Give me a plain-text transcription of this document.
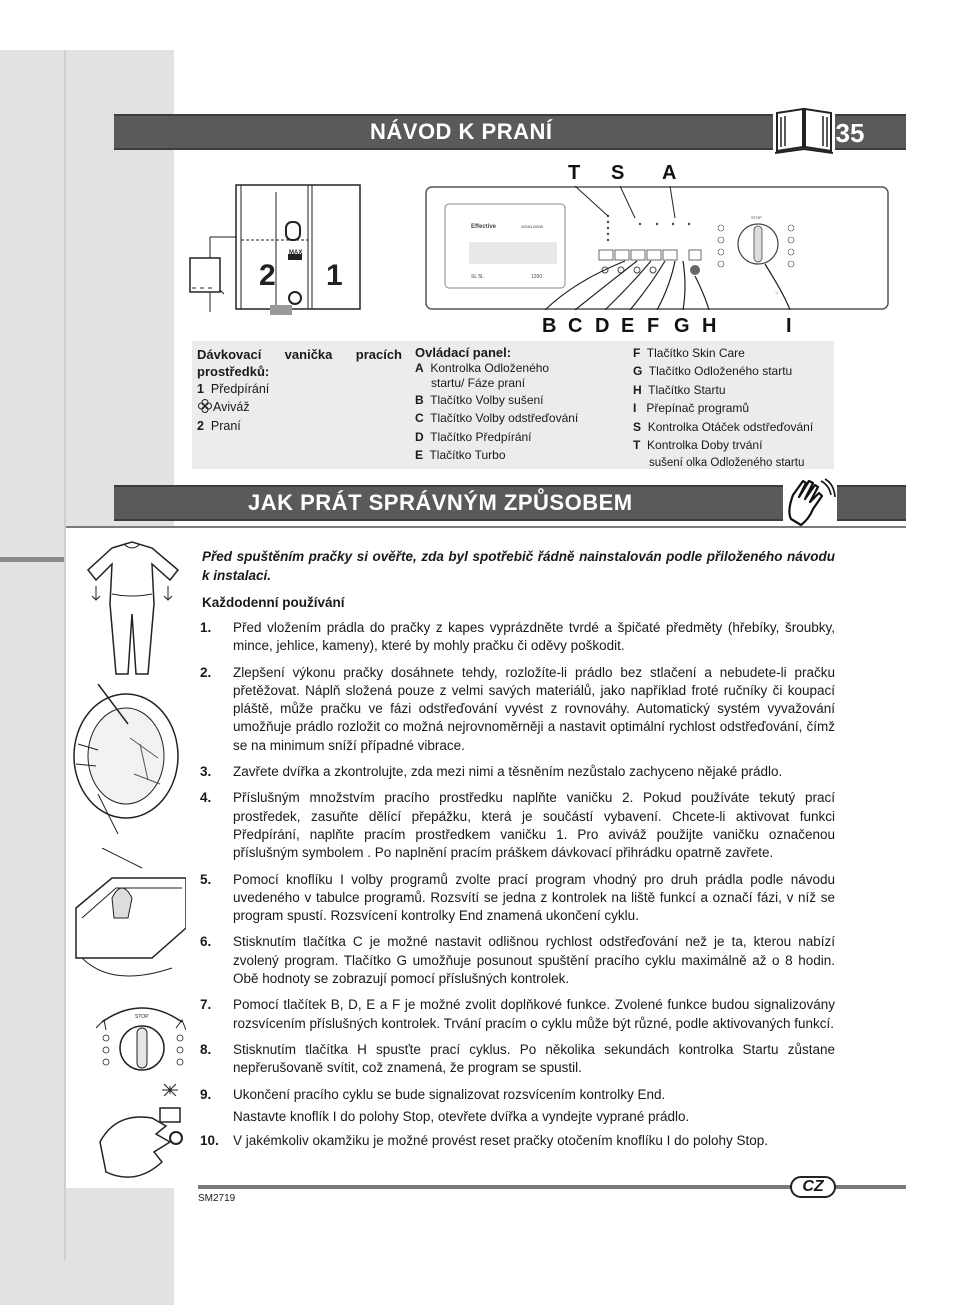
NÁVOD K PRANÍ	35
2 1
MAX
Effective	WDN1265W
SL 5L	1200
STOP
♨
T S A
B C D E F G H	I
Dávkovací vanička pracích prostředků:
1 Předpírání
Aviváž
2 Praní
Ovládací panel:
A Kontrolka Odloženého
startu/ Fáze praní
B Tlačítko Volby sušení
C Tlačítko Volby odstřeďování
D Tlačítko Předpírání
E Tlačítko Turbo
F Tlačítko Skin Care
G Tlačítko Odloženého startu
H Tlačítko Startu
I Přepínač programů
S Kontrolka Otáček odstřeďování
T Kontrolka Doby trvání
sušení olka Odloženého startu
JAK PRÁT SPRÁVNÝM ZPŮSOBEM
STOP
Před spuštěním pračky si ověřte, zda byl spotřebič řádně nainstalován podle přiloženého návodu k instalaci.
Každodenní používání
1. Před vložením prádla do pračky z kapes vyprázdněte tvrdé a špičaté předměty (hřebíky, šroubky, mince, jehlice, kameny), které by mohly pračku či oděvy poškodit.
2. Zlepšení výkonu pračky dosáhnete tehdy, rozložíte-li prádlo bez stlačení a nebudete-li pračku přetěžovat. Náplň složená pouze z velmi savých materiálů, jako například froté ručníky či koupací pláště, může pračku ve fázi odstřeďování vyvést z rovnováhy. Automatický systém vyvažování umožňuje prádlo rozložit co možná nejrovnoměrněji a nastavit optimální rychlost odstřeďování, čímž se na minimum sníží případné vibrace.
3. Zavřete dvířka a zkontrolujte, zda mezi nimi a těsněním nezůstalo zachyceno nějaké prádlo.
4. Příslušným množstvím pracího prostředku naplňte vaničku 2. Pokud používáte tekutý prací prostředek, zasuňte dělící přepážku, která je součástí vybavení. Chcete-li aktivovat funkci Předpírání, naplňte pracím prostředkem vaničku 1. Pro aviváž použijte vaničku označenou příslušným symbolem . Po naplnění pracím práškem dávkovací přihrádku opatrně zavřete.
5. Pomocí knoflíku I volby programů zvolte prací program vhodný pro druh prádla podle návodu uvedeného v tabulce programů. Rozsvítí se jedna z kontrolek na liště funkcí a označí fázi, v níž se program spustí. Rozsvícení kontrolky End znamená ukončení cyklu.
6. Stisknutím tlačítka C je možné nastavit odlišnou rychlost odstřeďování než je ta, kterou nabízí zvolený program. Tlačítko G umožňuje posunout spuštění pracího cyklu maximálně až o 8 hodin. Obě hodnoty se zobrazují pomocí příslušných kontrolek.
7. Pomocí tlačítek B, D, E a F je možné zvolit doplňkové funkce. Zvolené funkce budou signalizovány rozsvícením příslušných kontrolek. Trvání pracím o cyklu může být různé, podle aktivovaných funkcí.
8. Stisknutím tlačítka H spusťte prací cyklus. Po několika sekundách kontrolka Startu zůstane nepřerušovaně svítit, což znamená, že program se spustil.
9. Ukončení pracího cyklu se bude signalizovat rozsvícením kontrolky End.
Nastavte knoflík I do polohy Stop, otevřete dvířka a vyndejte vyprané prádlo.
10. V jakémkoliv okamžiku je možné provést reset pračky otočením knoflíku I do polohy Stop.
CZ
SM2719
